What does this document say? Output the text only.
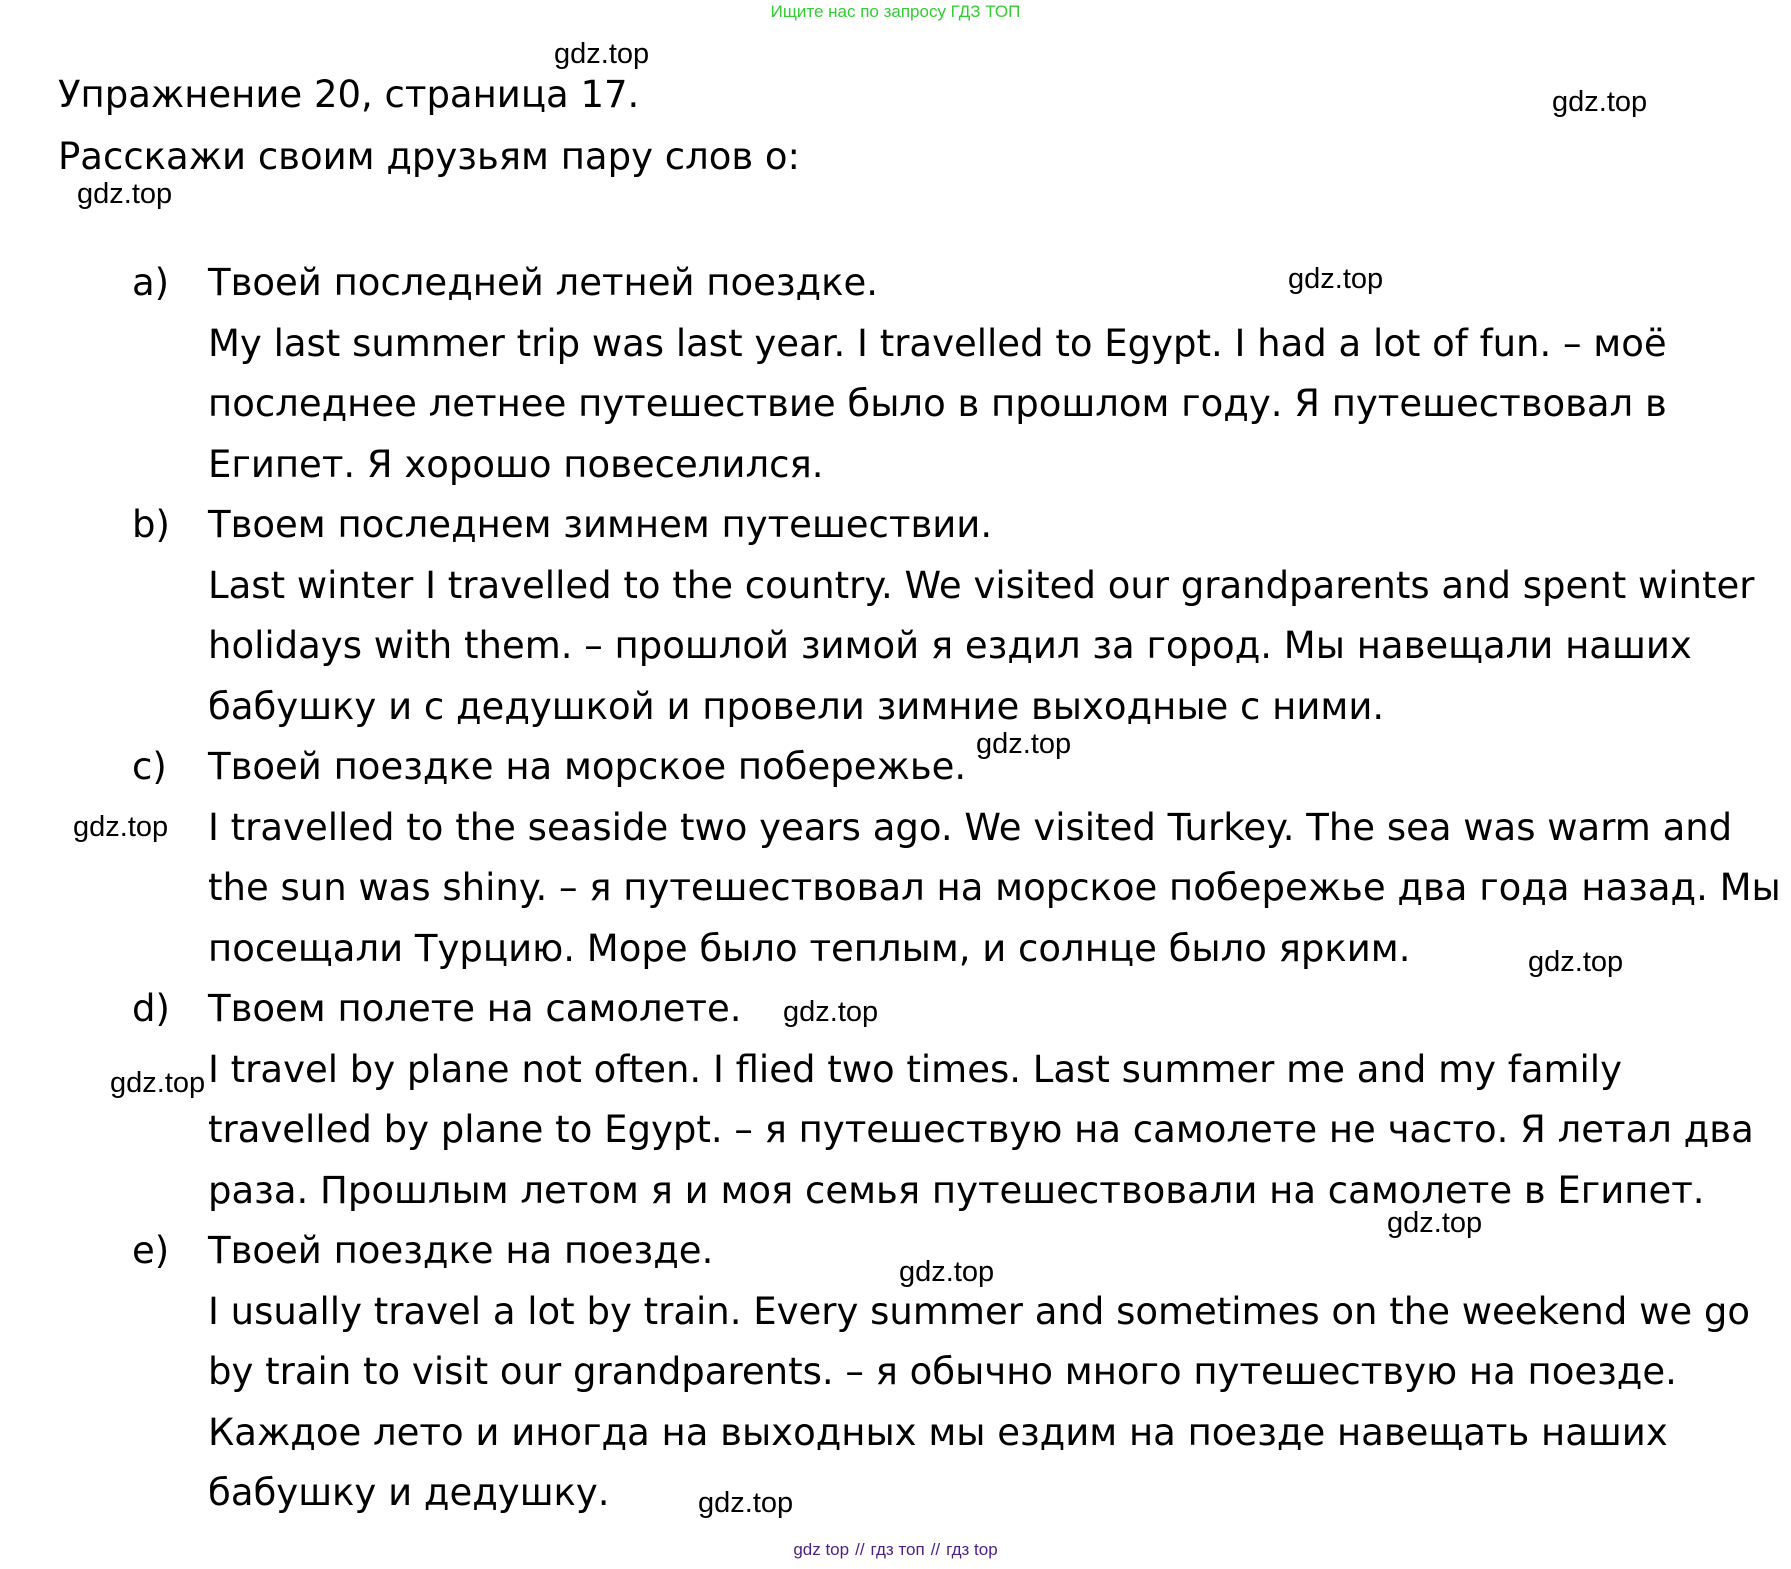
Ищите нас по запросу ГДЗ ТОП
Упражнение 20, страница 17.
Расскажи своим друзьям пару слов о:
a) Твоей последней летней поездке.
My last summer trip was last year. I travelled to Egypt. I had a lot of fun. – моё
последнее летнее путешествие было в прошлом году. Я путешествовал в
Египет. Я хорошо повеселился.
b) Твоем последнем зимнем путешествии.
Last winter I travelled to the country. We visited our grandparents and spent winter
holidays with them. – прошлой зимой я ездил за город. Мы навещали наших
бабушку и с дедушкой и провели зимние выходные с ними.
c) Твоей поездке на морское побережье.
I travelled to the seaside two years ago. We visited Turkey. The sea was warm and
the sun was shiny. – я путешествовал на морское побережье два года назад. Мы
посещали Турцию. Море было теплым, и солнце было ярким.
d) Твоем полете на самолете.
I travel by plane not often. I flied two times. Last summer me and my family
travelled by plane to Egypt. – я путешествую на самолете не часто. Я летал два
раза. Прошлым летом я и моя семья путешествовали на самолете в Египет.
e) Твоей поездке на поезде.
I usually travel a lot by train. Every summer and sometimes on the weekend we go
by train to visit our grandparents. – я обычно много путешествую на поезде.
Каждое лето и иногда на выходных мы ездим на поезде навещать наших
бабушку и дедушку.
gdz.top
gdz.top
gdz.top
gdz.top
gdz.top
gdz.top
gdz.top
gdz.top
gdz.top
gdz.top
gdz.top
gdz.top
gdz top // гдз топ // гдз top
